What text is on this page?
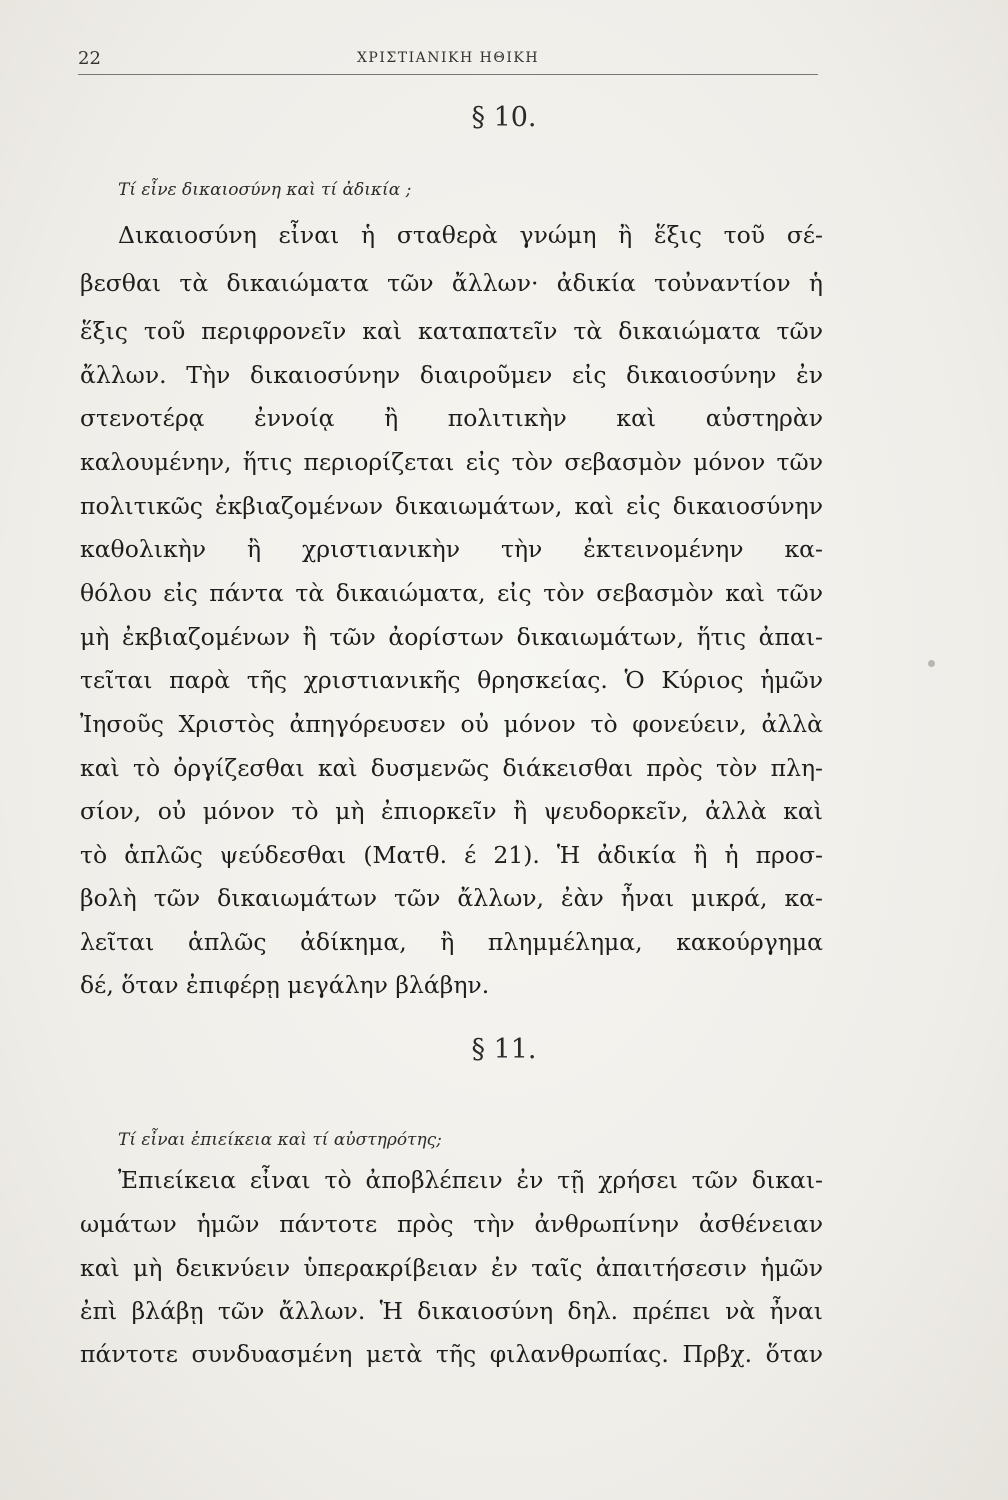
22	ΧΡΙΣΤΙΑΝΙΚΗ ΗΘΙΚΗ
§ 10.
Τί εἶνε δικαιοσύνη καὶ τί ἀδικία ;
Δικαιοσύνη εἶναι ἡ σταθερὰ γνώμη ἢ ἕξις τοῦ σέ-
βεσθαι τὰ δικαιώματα τῶν ἄλλων· ἀδικία τοὐναντίον ἡ
ἕξις τοῦ περιφρονεῖν καὶ καταπατεῖν τὰ δικαιώματα τῶν
ἄλλων. Τὴν δικαιοσύνην διαιροῦμεν εἰς δικαιοσύνην ἐν
στενοτέρᾳ ἐννοίᾳ ἢ πολιτικὴν καὶ αὐστηρὰν
καλουμένην, ἥτις περιορίζεται εἰς τὸν σεβασμὸν μόνον τῶν
πολιτικῶς ἐκβιαζομένων δικαιωμάτων, καὶ εἰς δικαιοσύνην
καθολικὴν ἢ χριστιανικὴν τὴν ἐκτεινομένην κα-
θόλου εἰς πάντα τὰ δικαιώματα, εἰς τὸν σεβασμὸν καὶ τῶν
μὴ ἐκβιαζομένων ἢ τῶν ἀορίστων δικαιωμάτων, ἥτις ἀπαι-
τεῖται παρὰ τῆς χριστιανικῆς θρησκείας. Ὁ Κύριος ἡμῶν
Ἰησοῦς Χριστὸς ἀπηγόρευσεν οὐ μόνον τὸ φονεύειν, ἀλλὰ
καὶ τὸ ὀργίζεσθαι καὶ δυσμενῶς διάκεισθαι πρὸς τὸν πλη-
σίον, οὐ μόνον τὸ μὴ ἐπιορκεῖν ἢ ψευδορκεῖν, ἀλλὰ καὶ
τὸ ἁπλῶς ψεύδεσθαι (Ματθ. έ 21). Ἡ ἀδικία ἢ ἡ προσ-
βολὴ τῶν δικαιωμάτων τῶν ἄλλων, ἐὰν ἦναι μικρά, κα-
λεῖται ἁπλῶς ἀδίκημα, ἢ πλημμέλημα, κακούργημα
δέ, ὅταν ἐπιφέρῃ μεγάλην βλάβην.
§ 11.
Τί εἶναι ἐπιείκεια καὶ τί αὐστηρότης;
Ἐπιείκεια εἶναι τὸ ἀποβλέπειν ἐν τῇ χρήσει τῶν δικαι-
ωμάτων ἡμῶν πάντοτε πρὸς τὴν ἀνθρωπίνην ἀσθένειαν
καὶ μὴ δεικνύειν ὑπερακρίβειαν ἐν ταῖς ἀπαιτήσεσιν ἡμῶν
ἐπὶ βλάβῃ τῶν ἄλλων. Ἡ δικαιοσύνη δηλ. πρέπει νὰ ἦναι
πάντοτε συνδυασμένη μετὰ τῆς φιλανθρωπίας. Πρβχ. ὅταν
